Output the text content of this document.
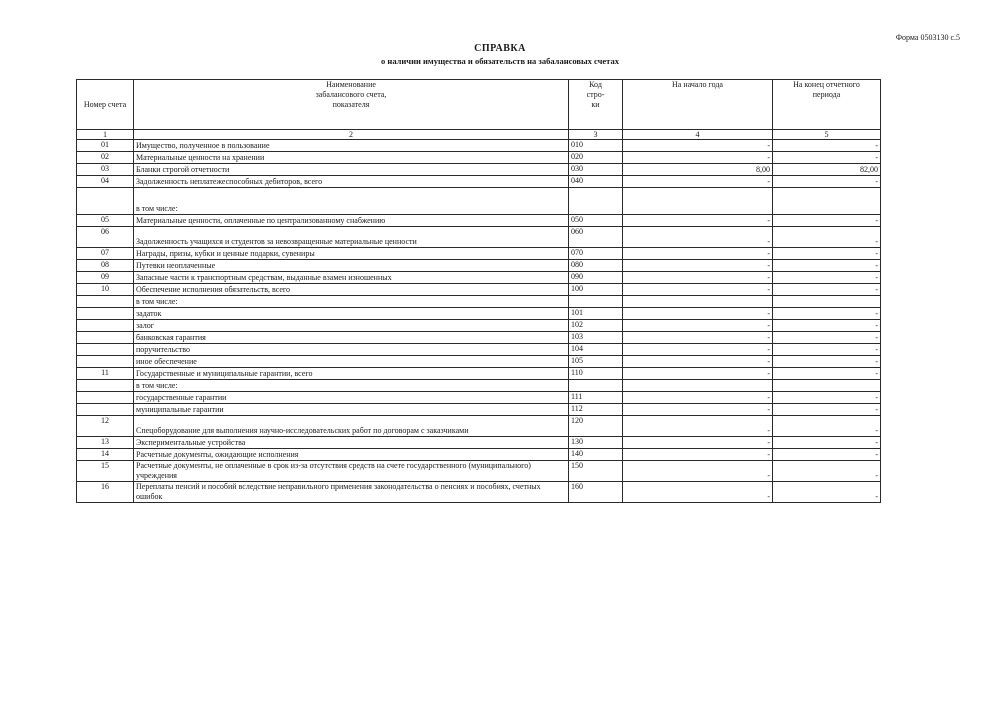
Форма 0503130 с.5
СПРАВКА
о наличии имущества и обязательств на забалансовых счетах
Номер счета	Наименование
забалансового счета,
показателя	Код
стро-
ки	На начало года	На конец отчетного
периода
1	2	3	4	5
01	Имущество, полученное в пользование	010	-	-
02	Материальные ценности на хранении	020	-	-
03	Бланки строгой отчетности	030	8,00	82,00
04	Задолженность неплатежеспособных дебиторов, всего	040	-	-
	в том числе:			
05	Материальные ценности, оплаченные по централизованному снабжению	050	-	-
06	Задолженность учащихся и студентов за невозвращенные материальные ценности	060	-	-
07	Награды, призы, кубки и ценные подарки, сувениры	070	-	-
08	Путевки неоплаченные	080	-	-
09	Запасные части к транспортным средствам, выданные взамен изношенных	090	-	-
10	Обеспечение исполнения обязательств, всего	100	-	-
	в том числе:			
	задаток	101	-	-
	залог	102	-	-
	банковская гарантия	103	-	-
	поручительство	104	-	-
	иное обеспечение	105	-	-
11	Государственные и муниципальные гарантии, всего	110	-	-
	в том числе:			
	государственные гарантии	111	-	-
	муниципальные гарантии	112	-	-
12	Спецоборудование для выполнения научно-исследовательских работ по договорам с заказчиками	120	-	-
13	Экспериментальные устройства	130	-	-
14	Расчетные документы, ожидающие исполнения	140	-	-
15	Расчетные документы, не оплаченные в срок из-за отсутствия средств на счете государственного (муниципального) учреждения	150	-	-
16	Переплаты пенсий и пособий вследствие неправильного применения законодательства о пенсиях и пособиях, счетных ошибок	160	-	-
